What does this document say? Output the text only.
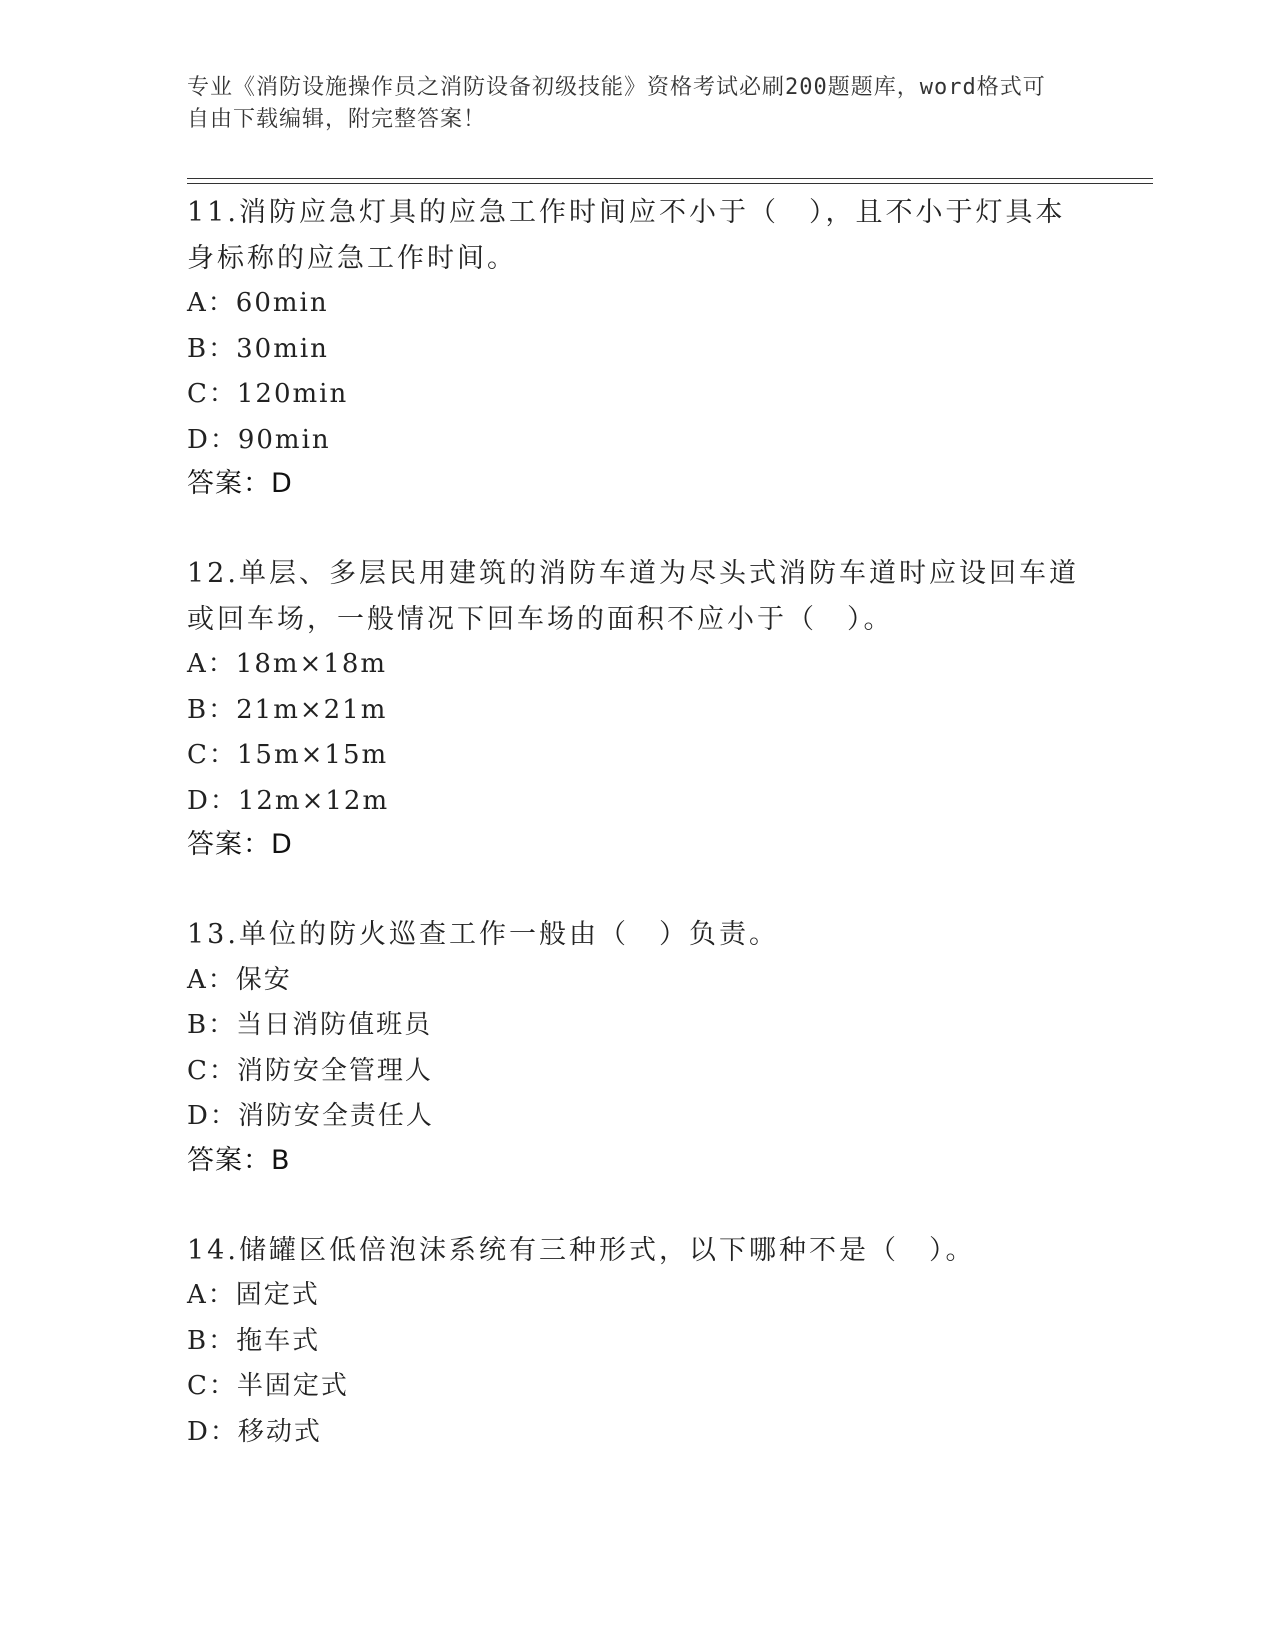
专业《消防设施操作员之消防设备初级技能》资格考试必刷200题题库，word格式可自由下载编辑，附完整答案！

11.消防应急灯具的应急工作时间应不小于（　），且不小于灯具本身标称的应急工作时间。

A：60min

B：30min

C：120min

D：90min

答案：D

12.单层、多层民用建筑的消防车道为尽头式消防车道时应设回车道或回车场，一般情况下回车场的面积不应小于（　）。

A：18m×18m

B：21m×21m

C：15m×15m

D：12m×12m

答案：D

13.单位的防火巡查工作一般由（　）负责。

A：保安

B：当日消防值班员

C：消防安全管理人

D：消防安全责任人

答案：B

14.储罐区低倍泡沫系统有三种形式，以下哪种不是（　）。

A：固定式

B：拖车式

C：半固定式

D：移动式
